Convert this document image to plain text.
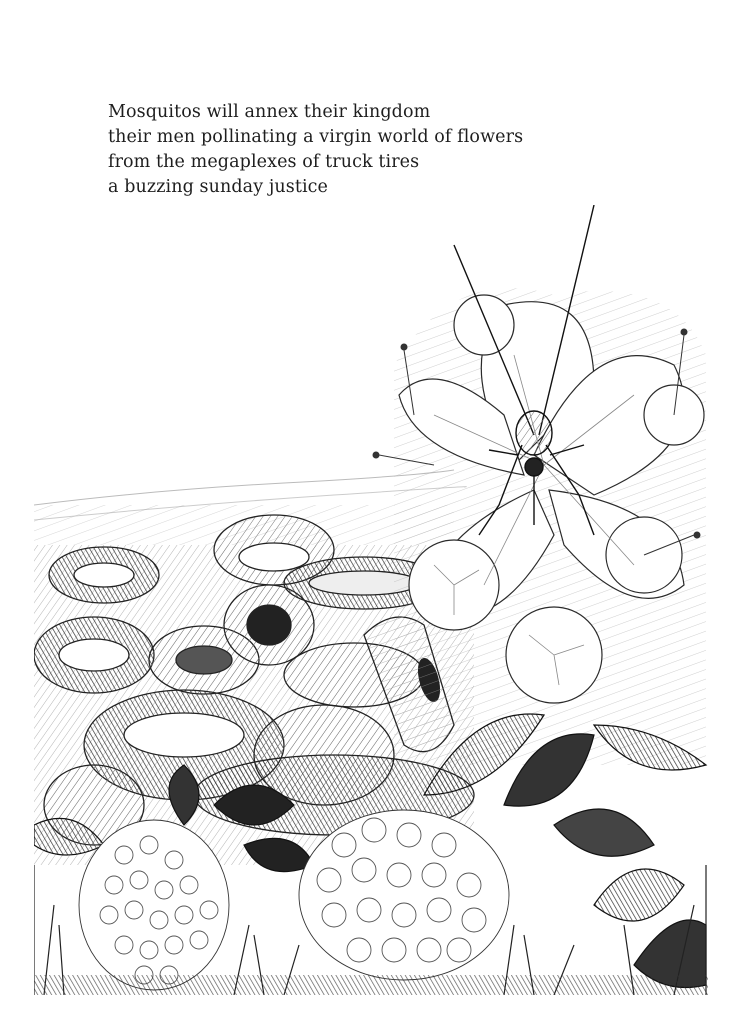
Mosquitos will annex their kingdom
their men pollinating a virgin world of flowers
from the megaplexes of truck tires
a buzzing sunday justice
